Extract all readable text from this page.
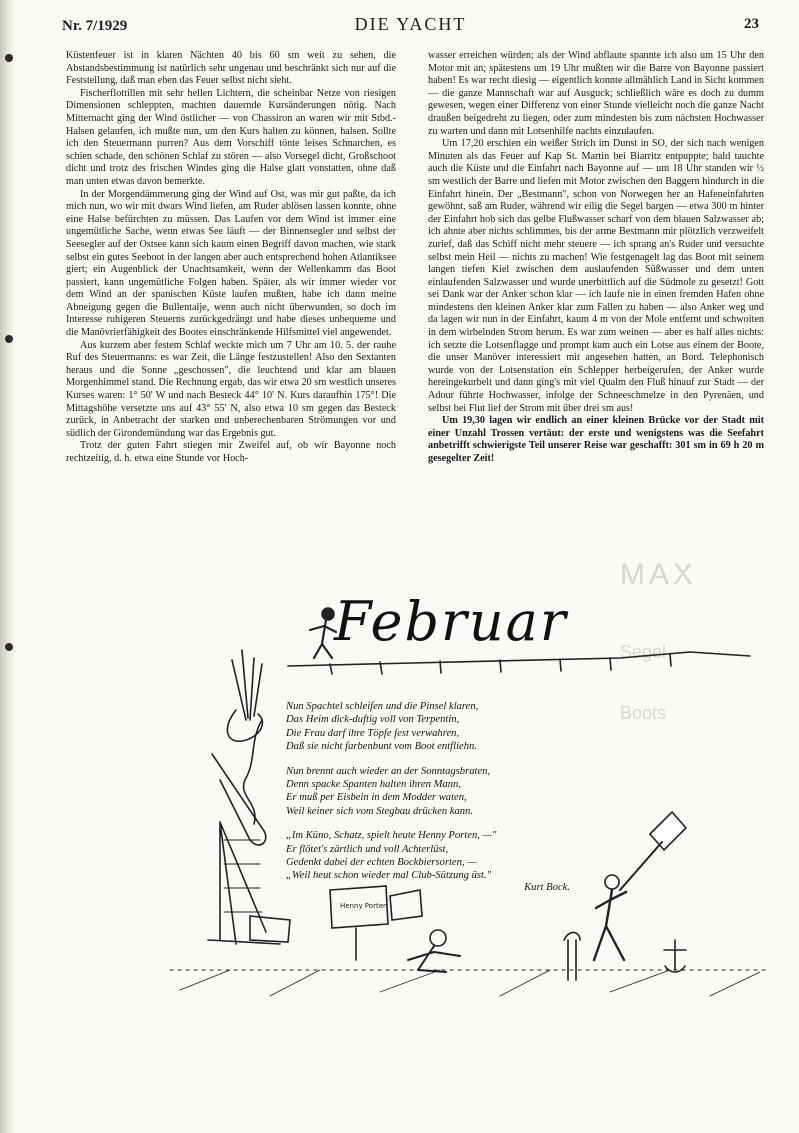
Nr. 7/1929	DIE YACHT	23

Küstenfeuer ist in klaren Nächten 40 bis 60 sm weit zu sehen, die Abstandsbestimmung ist natürlich sehr ungenau und beschränkt sich nur auf die Feststellung, daß man eben das Feuer selbst nicht sieht.

Fischerflottillen mit sehr hellen Lichtern, die scheinbar Netze von riesigen Dimensionen schleppten, machten dauernde Kursänderungen nötig. Nach Mitternacht ging der Wind östlicher — von Chassiron an waren wir mit Stbd.-Halsen gelaufen, ich mußte nun, um den Kurs halten zu können, halsen. Sollte ich den Steuermann purren? Aus dem Vorschiff tönte leises Schnarchen, es schien schade, den schönen Schlaf zu stören — also Vorsegel dicht, Großschoot dicht und trotz des frischen Windes ging die Halse glatt vonstatten, ohne daß man unten etwas davon bemerkte.

In der Morgendämmerung ging der Wind auf Ost, was mir gut paßte, da ich mich nun, wo wir mit dwars Wind liefen, am Ruder ablösen lassen konnte, ohne eine Halse befürchten zu müssen. Das Laufen vor dem Wind ist immer eine ungemütliche Sache, wenn etwas See läuft — der Binnensegler und selbst der Seesegler auf der Ostsee kann sich kaum einen Begriff davon machen, wie stark selbst ein gutes Seeboot in der langen aber auch entsprechend hohen Atlantiksee giert; ein Augenblick der Unachtsamkeit, wenn der Wellenkamm das Boot passiert, kann ungemütliche Folgen haben. Später, als wir immer wieder vor dem Wind an der spanischen Küste laufen mußten, habe ich dann meine Abneigung gegen die Bullentalje, wenn auch nicht überwunden, so doch im Interesse ruhigeren Steuerns zurückgedrängt und habe dieses unbequeme und die Manövrierfähigkeit des Bootes einschränkende Hilfsmittel viel angewendet.

Aus kurzem aber festem Schlaf weckte mich um 7 Uhr am 10. 5. der rauhe Ruf des Steuermanns: es war Zeit, die Länge festzustellen! Also den Sextanten heraus und die Sonne „geschossen", die leuchtend und klar am blauen Morgenhimmel stand. Die Rechnung ergab, das wir etwa 20 sm westlich unseres Kurses waren: 1° 50' W und nach Besteck 44° 10' N. Kurs daraufhin 175°! Die Mittagshöhe versetzte uns auf 43° 55' N, also etwa 10 sm gegen das Besteck zurück, in Anbetracht der starken und unberechenbaren Strömungen vor und südlich der Girondemündung war das Ergebnis gut.

Trotz der guten Fahrt stiegen mir Zweifel auf, ob wir Bayonne noch rechtzeitig, d. h. etwa eine Stunde vor Hoch-

wasser erreichen würden; als der Wind abflaute spannte ich also um 15 Uhr den Motor mit an; spätestens um 19 Uhr mußten wir die Barre von Bayonne passiert haben! Es war recht diesig — eigentlich konnte allmählich Land in Sicht kommen — die ganze Mannschaft war auf Ausguck; schließlich wäre es doch zu dumm gewesen, wegen einer Differenz von einer Stunde vielleicht noch die ganze Nacht draußen beigedreht zu liegen, oder zum mindesten bis zum nächsten Hochwasser zu warten und dann mit Lotsenhilfe nachts einzulaufen.

Um 17,20 erschien ein weißer Strich im Dunst in SO, der sich nach wenigen Minuten als das Feuer auf Kap St. Martin bei Biarritz entpuppte; bald tauchte auch die Küste und die Einfahrt nach Bayonne auf — um 18 Uhr standen wir ½ sm westlich der Barre und liefen mit Motor zwischen den Baggern hindurch in die Einfahrt hinein. Der „Bestmann", schon von Norwegen her an Hafeneinfahrten gewöhnt, saß am Ruder, während wir eilig die Segel bargen — etwa 300 m hinter der Einfahrt hob sich das gelbe Flußwasser scharf von dem blauen Salzwasser ab; ich ahnte aber nichts schlimmes, bis der arme Bestmann mir plötzlich verzweifelt zurief, daß das Schiff nicht mehr steuere — ich sprang an's Ruder und versuchte selbst mein Heil — nichts zu machen! Wie festgenagelt lag das Boot mit seinem langen tiefen Kiel zwischen dem auslaufenden Süßwasser und dem unten einlaufenden Salzwasser und wurde unerbittlich auf die Südmole zu gesetzt! Gott sei Dank war der Anker schon klar — ich laufe nie in einen fremden Hafen ohne mindestens den kleinen Anker klar zum Fallen zu haben — also Anker weg und da lagen wir nun in der Einfahrt, kaum 4 m von der Mole entfernt und schwoiten in dem wirbelnden Strom herum. Es war zum weinen — aber es half alles nichts: ich setzte die Lotsenflagge und prompt kam auch ein Lotse aus einem der Boote, die unser Manöver interessiert mit angesehen hatten, an Bord. Telephonisch wurde von der Lotsenstation ein Schlepper herbeigerufen, der Anker wurde hereingekurbelt und dann ging's mit viel Qualm den Fluß hinauf zur Stadt — der Adour führte Hochwasser, infolge der Schneeschmelze in den Pyrenäen, und selbst bei Flut lief der Strom mit über drei sm aus!

Um 19,30 lagen wir endlich an einer kleinen Brücke vor der Stadt mit einer Unzahl Trossen vertäut: der erste und wenigstens was die Seefahrt anbetrifft schwierigste Teil unserer Reise war geschafft: 301 sm in 69 h 20 m gesegelter Zeit!

MAX
Segel
Boots
Henny Porten
Februar
Nun Spachtel schleifen und die Pinsel klaren,
Das Heim dick-duftig voll von Terpentin,
Die Frau darf ihre Töpfe fest verwahren,
Daß sie nicht farbenbunt vom Boot entfliehn.
Nun brennt auch wieder an der Sonntagsbraten,
Denn spacke Spanten halten ihren Mann,
Er muß per Eisbein in dem Modder waten,
Weil keiner sich vom Stegbau drücken kann.
„Im Küno, Schatz, spielt heute Henny Porten, —"
Er flötet's zärtlich und voll Achterlüst,
Gedenkt dabei der echten Bockbiersorten, —
„Weil heut schon wieder mal Club-Sützung üst."
Kurt Bock.
